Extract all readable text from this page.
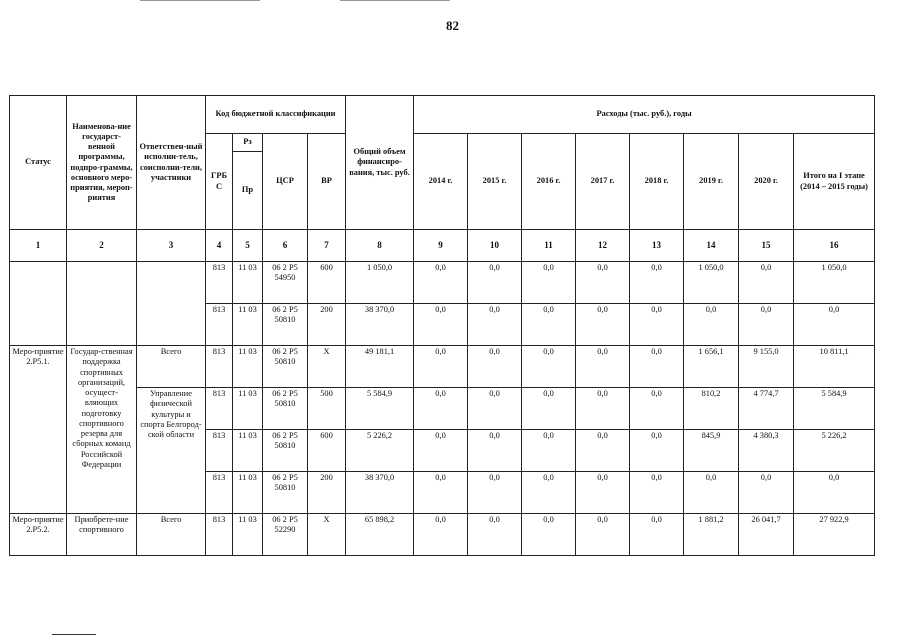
82
Статус	Наименова-ние государст-венной программы, подпро-граммы, основного меро-приятия, мероп-риятия	Ответствен-ный исполни-тель, соисполни-тели, участники	Код бюджетной классификации				Общий объем финансиро-вания, тыс. руб.	Расходы (тыс. руб.), годы							
			ГРБ С	Рз	ЦСР	ВР		2014 г.	2015 г.	2016 г.	2017 г.	2018 г.	2019 г.	2020 г.	Итого на I этапе (2014 – 2015 годы)
				Пр											
1	2	3	4	5	6	7	8	9	10	11	12	13	14	15	16
			813	11 03	06 2 Р5 54950	600	1 050,0	0,0	0,0	0,0	0,0	0,0	1 050,0	0,0	1 050,0
			813	11 03	06 2 Р5 50810	200	38 370,0	0,0	0,0	0,0	0,0	0,0	0,0	0,0	0,0
Меро-приятие 2.Р5.1.	Государ-ственная поддержка спортивных организаций, осущест-вляющих подготовку спортивного резерва для сборных команд Российской Федерации	Всего	813	11 03	06 2 Р5 50810	Х	49 181,1	0,0	0,0	0,0	0,0	0,0	1 656,1	9 155,0	10 811,1
		Управление физической культуры и спорта Белгород-ской области	813	11 03	06 2 Р5 50810	500	5 584,9	0,0	0,0	0,0	0,0	0,0	810,2	4 774,7	5 584,9
			813	11 03	06 2 Р5 50810	600	5 226,2	0,0	0,0	0,0	0,0	0,0	845,9	4 380,3	5 226,2
			813	11 03	06 2 Р5 50810	200	38 370,0	0,0	0,0	0,0	0,0	0,0	0,0	0,0	0,0
Меро-приятие 2.Р5.2.	Приобрете-ние спортивного	Всего	813	11 03	06 2 Р5 52290	Х	65 898,2	0,0	0,0	0,0	0,0	0,0	1 881,2	26 041,7	27 922,9
